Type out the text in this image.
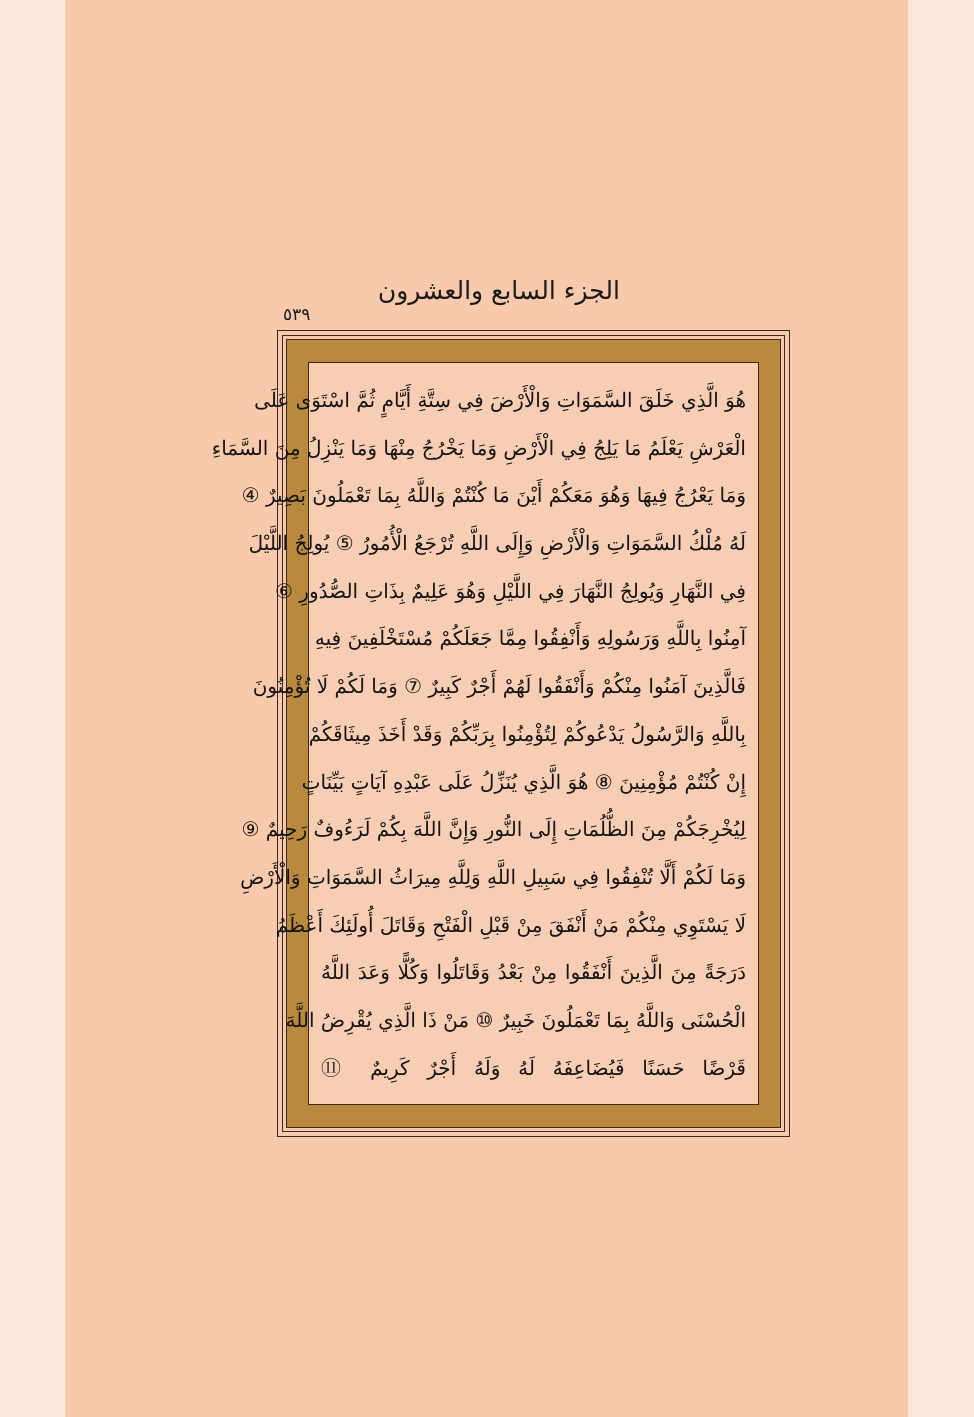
الجزء السابع والعشرون
٥٣٩
هُوَ الَّذِي خَلَقَ السَّمَوَاتِ وَالْأَرْضَ فِي سِتَّةِ أَيَّامٍ ثُمَّ اسْتَوَى عَلَى
الْعَرْشِ يَعْلَمُ مَا يَلِجُ فِي الْأَرْضِ وَمَا يَخْرُجُ مِنْهَا وَمَا يَنْزِلُ مِنَ السَّمَاءِ
وَمَا يَعْرُجُ فِيهَا وَهُوَ مَعَكُمْ أَيْنَ مَا كُنْتُمْ وَاللَّهُ بِمَا تَعْمَلُونَ بَصِيرٌ ④
لَهُ مُلْكُ السَّمَوَاتِ وَالْأَرْضِ وَإِلَى اللَّهِ تُرْجَعُ الْأُمُورُ ⑤ يُولِجُ اللَّيْلَ
فِي النَّهَارِ وَيُولِجُ النَّهَارَ فِي اللَّيْلِ وَهُوَ عَلِيمٌ بِذَاتِ الصُّدُورِ ⑥
آمِنُوا بِاللَّهِ وَرَسُولِهِ وَأَنْفِقُوا مِمَّا جَعَلَكُمْ مُسْتَخْلَفِينَ فِيهِ
فَالَّذِينَ آمَنُوا مِنْكُمْ وَأَنْفَقُوا لَهُمْ أَجْرٌ كَبِيرٌ ⑦ وَمَا لَكُمْ لَا تُؤْمِنُونَ
بِاللَّهِ وَالرَّسُولُ يَدْعُوكُمْ لِتُؤْمِنُوا بِرَبِّكُمْ وَقَدْ أَخَذَ مِيثَاقَكُمْ
إِنْ كُنْتُمْ مُؤْمِنِينَ ⑧ هُوَ الَّذِي يُنَزِّلُ عَلَى عَبْدِهِ آيَاتٍ بَيِّنَاتٍ
لِيُخْرِجَكُمْ مِنَ الظُّلُمَاتِ إِلَى النُّورِ وَإِنَّ اللَّهَ بِكُمْ لَرَءُوفٌ رَحِيمٌ ⑨
وَمَا لَكُمْ أَلَّا تُنْفِقُوا فِي سَبِيلِ اللَّهِ وَلِلَّهِ مِيرَاثُ السَّمَوَاتِ وَالْأَرْضِ
لَا يَسْتَوِي مِنْكُمْ مَنْ أَنْفَقَ مِنْ قَبْلِ الْفَتْحِ وَقَاتَلَ أُولَئِكَ أَعْظَمُ
دَرَجَةً مِنَ الَّذِينَ أَنْفَقُوا مِنْ بَعْدُ وَقَاتَلُوا وَكُلًّا وَعَدَ اللَّهُ
الْحُسْنَى وَاللَّهُ بِمَا تَعْمَلُونَ خَبِيرٌ ⑩ مَنْ ذَا الَّذِي يُقْرِضُ اللَّهَ
قَرْضًا حَسَنًا فَيُضَاعِفَهُ لَهُ وَلَهُ أَجْرٌ كَرِيمٌ ⑪
